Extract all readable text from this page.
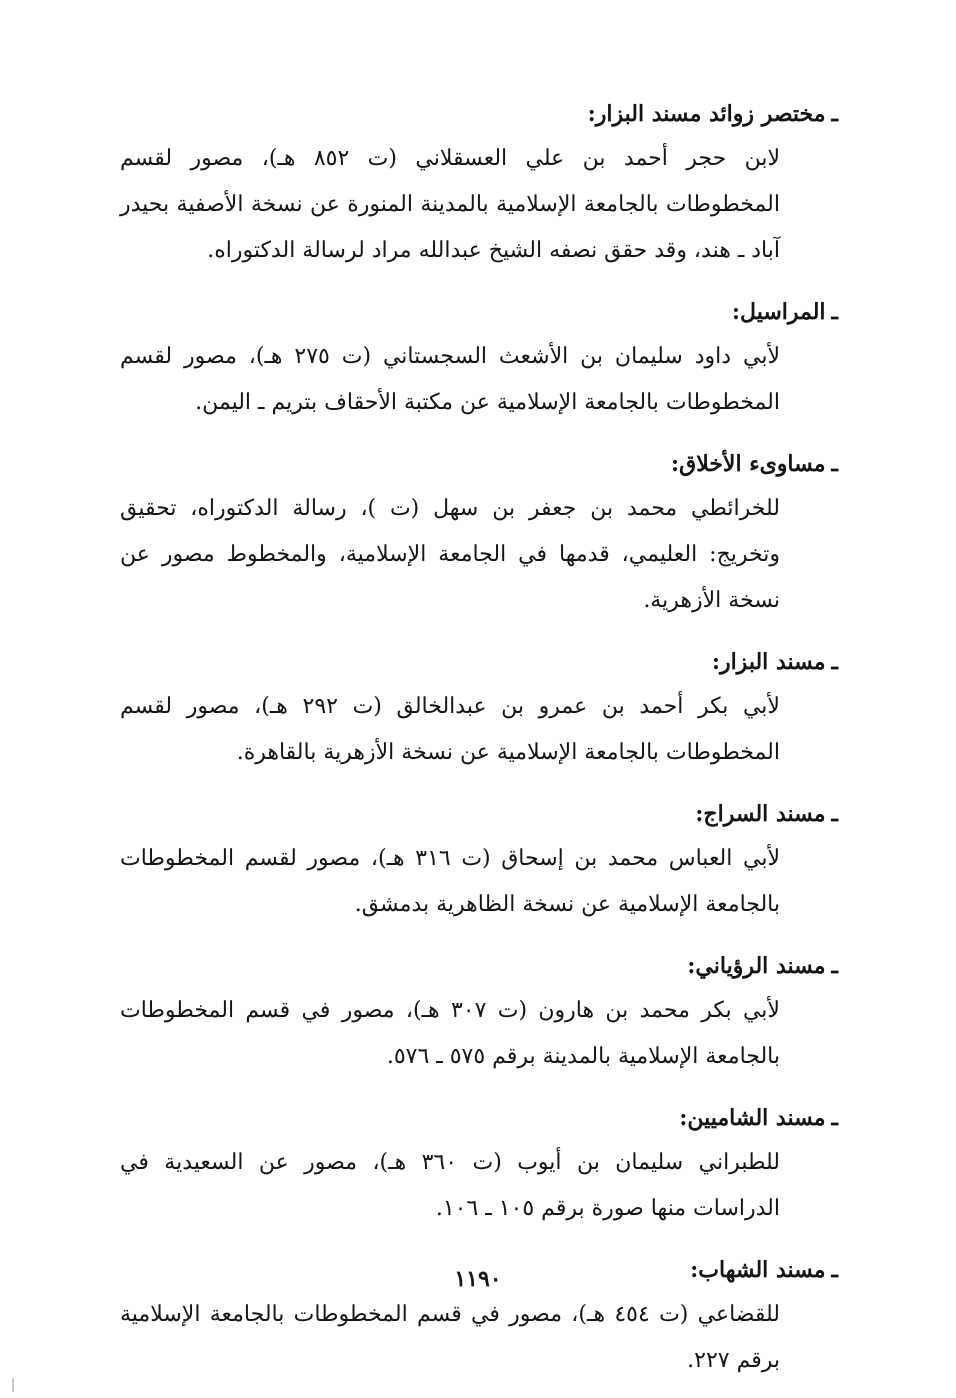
ـمختصر زوائد مسند البزار:
لابن حجر أحمد بن علي العسقلاني (ت ٨٥٢ هـ)، مصور لقسم المخطوطات بالجامعة الإسلامية بالمدينة المنورة عن نسخة الأصفية بحيدر آباد ـ هند، وقد حقق نصفه الشيخ عبدالله مراد لرسالة الدكتوراه.
ـالمراسيل:
لأبي داود سليمان بن الأشعث السجستاني (ت ٢٧٥ هـ)، مصور لقسم المخطوطات بالجامعة الإسلامية عن مكتبة الأحقاف بتريم ـ اليمن.
ـمساوىء الأخلاق:
للخرائطي محمد بن جعفر بن سهل (ت )، رسالة الدكتوراه، تحقيق وتخريج: العليمي، قدمها في الجامعة الإسلامية، والمخطوط مصور عن نسخة الأزهرية.
ـمسند البزار:
لأبي بكر أحمد بن عمرو بن عبدالخالق (ت ٢٩٢ هـ)، مصور لقسم المخطوطات بالجامعة الإسلامية عن نسخة الأزهرية بالقاهرة.
ـمسند السراج:
لأبي العباس محمد بن إسحاق (ت ٣١٦ هـ)، مصور لقسم المخطوطات بالجامعة الإسلامية عن نسخة الظاهرية بدمشق.
ـمسند الرؤياني:
لأبي بكر محمد بن هارون (ت ٣٠٧ هـ)، مصور في قسم المخطوطات بالجامعة الإسلامية بالمدينة برقم ٥٧٥ ـ ٥٧٦.
ـمسند الشاميين:
للطبراني سليمان بن أيوب (ت ٣٦٠ هـ)، مصور عن السعيدية في الدراسات منها صورة برقم ١٠٥ ـ ١٠٦.
ـمسند الشهاب:
للقضاعي (ت ٤٥٤ هـ)، مصور في قسم المخطوطات بالجامعة الإسلامية برقم ٢٢٧.
١١٩٠
